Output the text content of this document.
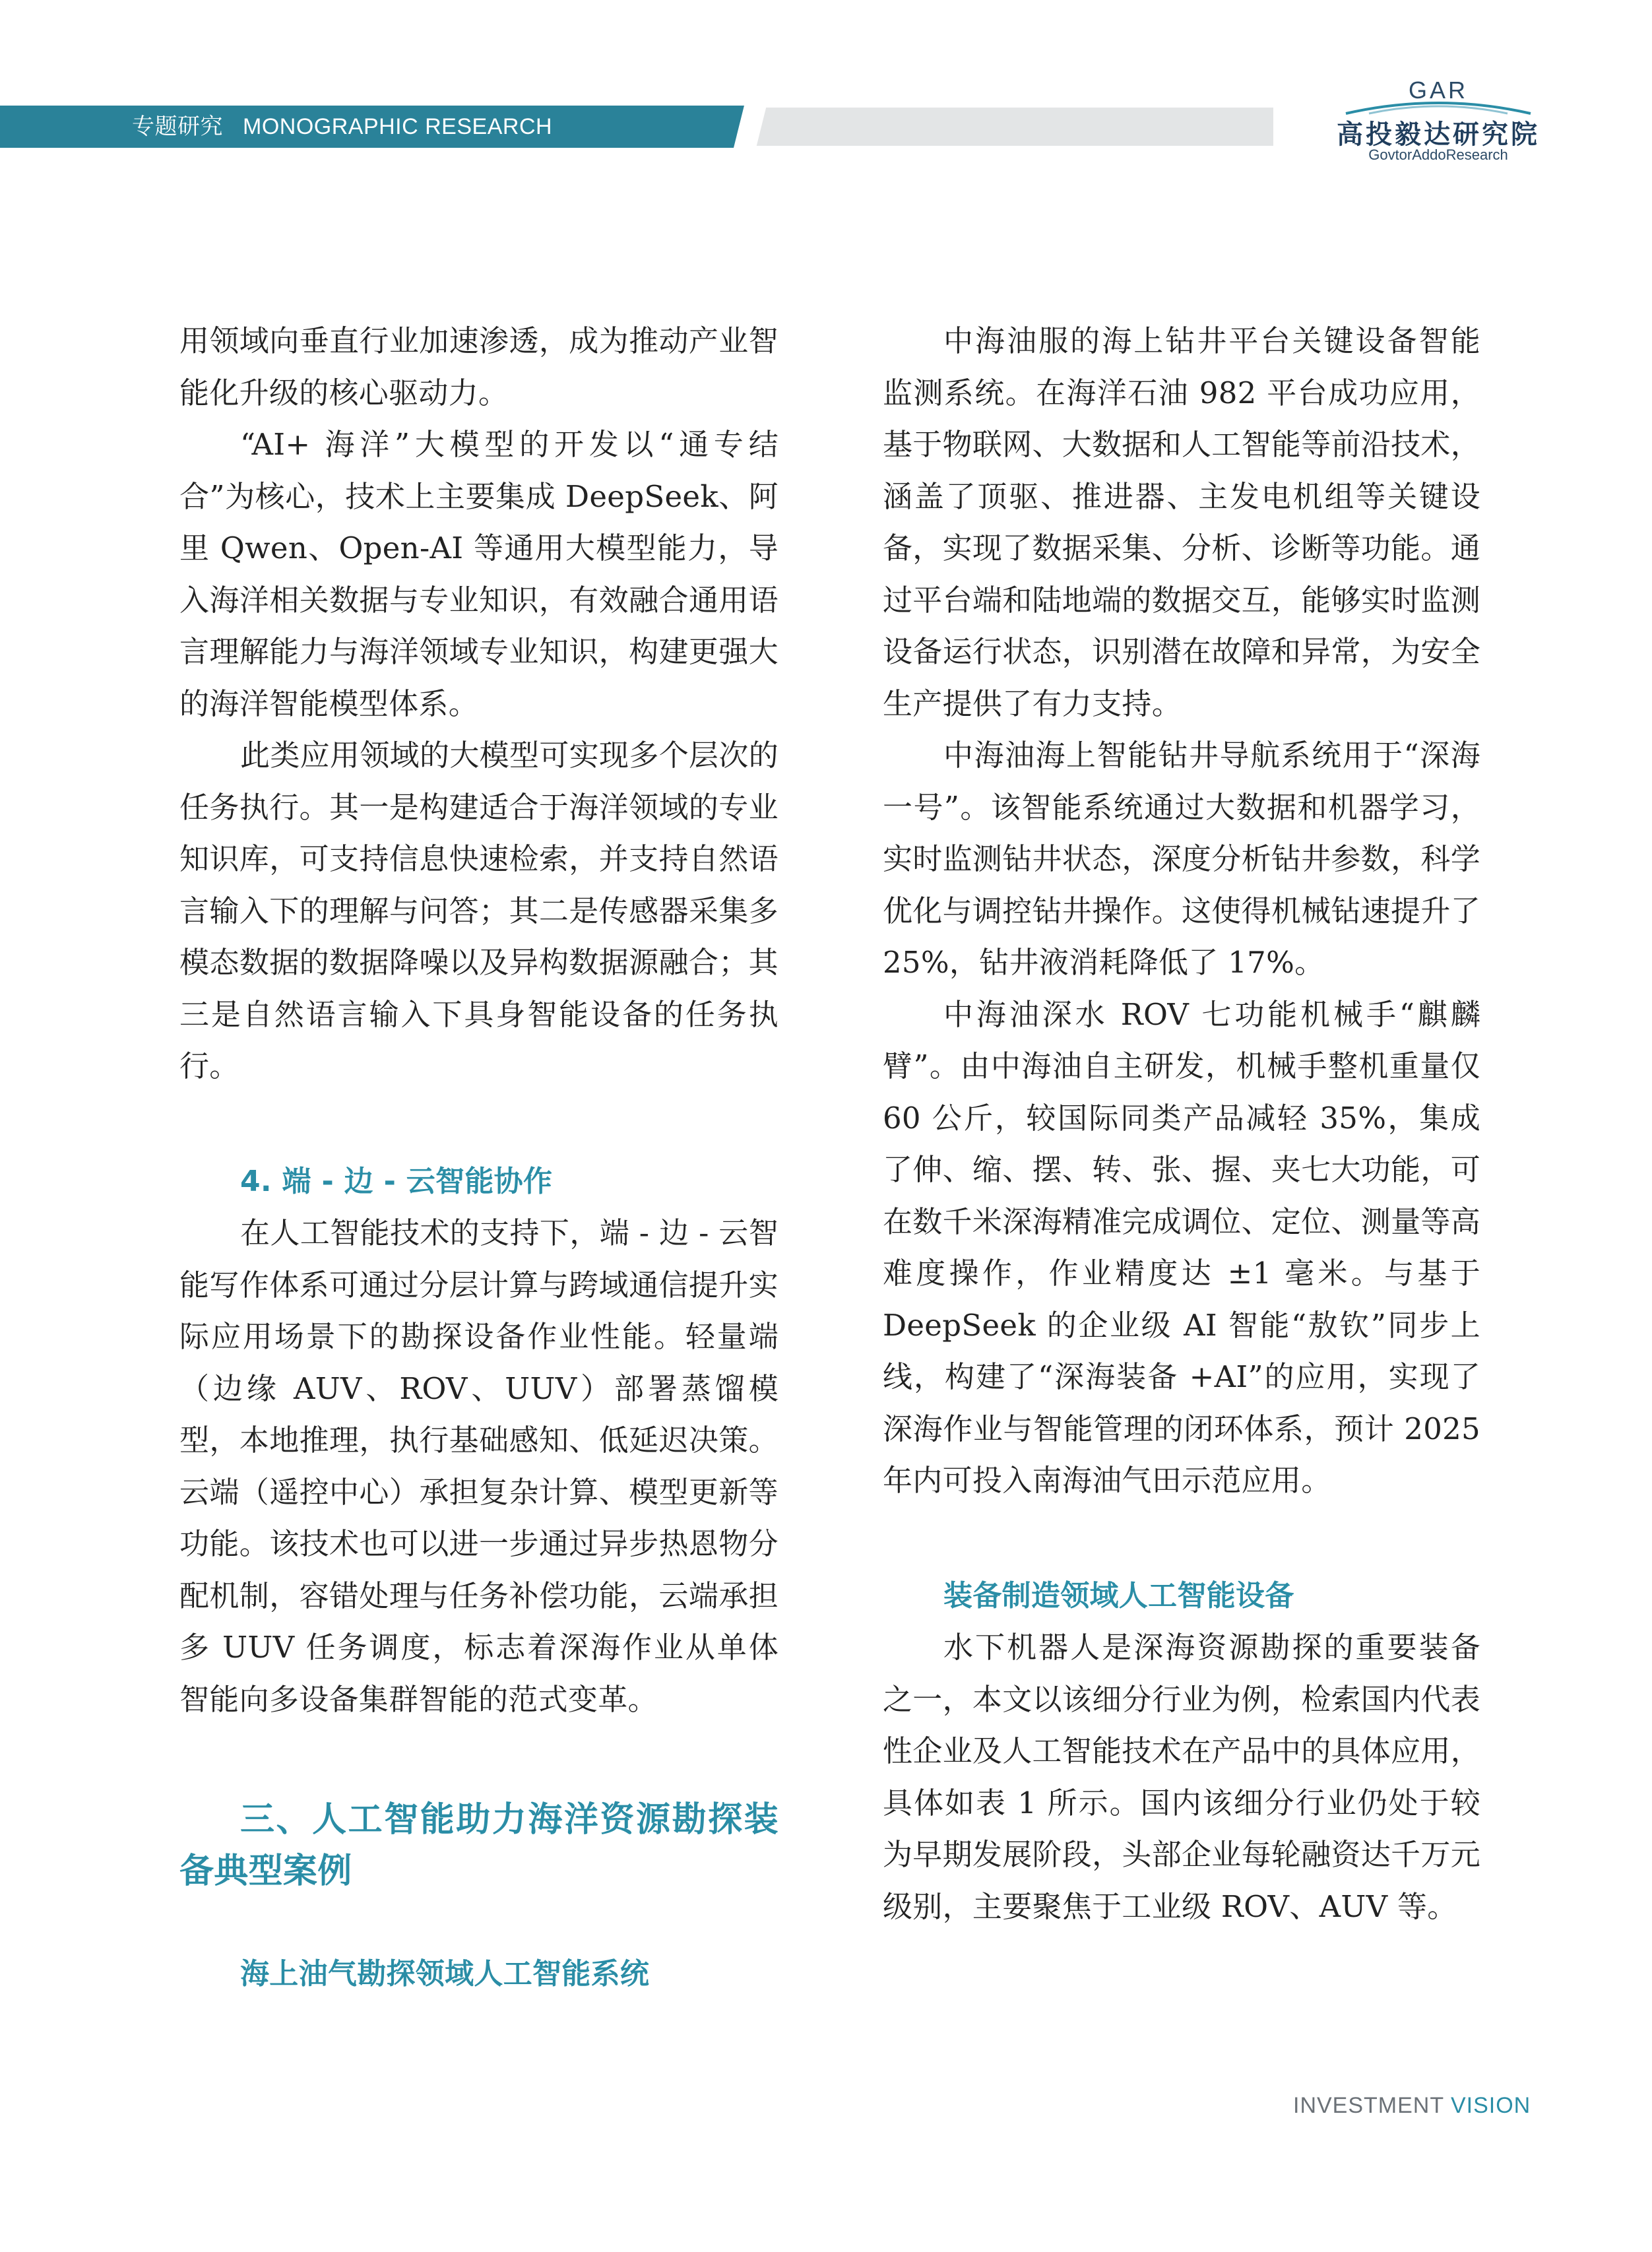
专题研究 MONOGRAPHIC RESEARCH
GAR
高投毅达研究院
GovtorAddoResearch

用领域向垂直行业加速渗透，成为推动产业智能化升级的核心驱动力。

“AI+ 海洋”大模型的开发以“通专结合”为核心，技术上主要集成 DeepSeek、阿里 Qwen、Open-AI 等通用大模型能力，导入海洋相关数据与专业知识，有效融合通用语言理解能力与海洋领域专业知识，构建更强大的海洋智能模型体系。

此类应用领域的大模型可实现多个层次的任务执行。其一是构建适合于海洋领域的专业知识库，可支持信息快速检索，并支持自然语言输入下的理解与问答；其二是传感器采集多模态数据的数据降噪以及异构数据源融合；其三是自然语言输入下具身智能设备的任务执行。

4. 端 - 边 - 云智能协作

在人工智能技术的支持下，端 - 边 - 云智能写作体系可通过分层计算与跨域通信提升实际应用场景下的勘探设备作业性能。轻量端（边缘 AUV、ROV、UUV）部署蒸馏模型，本地推理，执行基础感知、低延迟决策。云端（遥控中心）承担复杂计算、模型更新等功能。该技术也可以进一步通过异步热恩物分配机制，容错处理与任务补偿功能，云端承担多 UUV 任务调度，标志着深海作业从单体智能向多设备集群智能的范式变革。

三、人工智能助力海洋资源勘探装备典型案例
海上油气勘探领域人工智能系统

中海油服的海上钻井平台关键设备智能监测系统。在海洋石油 982 平台成功应用，基于物联网、大数据和人工智能等前沿技术，涵盖了顶驱、推进器、主发电机组等关键设备，实现了数据采集、分析、诊断等功能。通过平台端和陆地端的数据交互，能够实时监测设备运行状态，识别潜在故障和异常，为安全生产提供了有力支持。

中海油海上智能钻井导航系统用于“深海一号”。该智能系统通过大数据和机器学习，实时监测钻井状态，深度分析钻井参数，科学优化与调控钻井操作。这使得机械钻速提升了 25%，钻井液消耗降低了 17%。

中海油深水 ROV 七功能机械手“麒麟臂”。由中海油自主研发，机械手整机重量仅 60 公斤，较国际同类产品减轻 35%，集成了伸、缩、摆、转、张、握、夹七大功能，可在数千米深海精准完成调位、定位、测量等高难度操作，作业精度达 ±1 毫米。与基于 DeepSeek 的企业级 AI 智能“敖钦”同步上线，构建了“深海装备 +AI”的应用，实现了深海作业与智能管理的闭环体系，预计 2025 年内可投入南海油气田示范应用。

装备制造领域人工智能设备

水下机器人是深海资源勘探的重要装备之一，本文以该细分行业为例，检索国内代表性企业及人工智能技术在产品中的具体应用，具体如表 1 所示。国内该细分行业仍处于较为早期发展阶段，头部企业每轮融资达千万元级别，主要聚焦于工业级 ROV、AUV 等。

INVESTMENT VISION
